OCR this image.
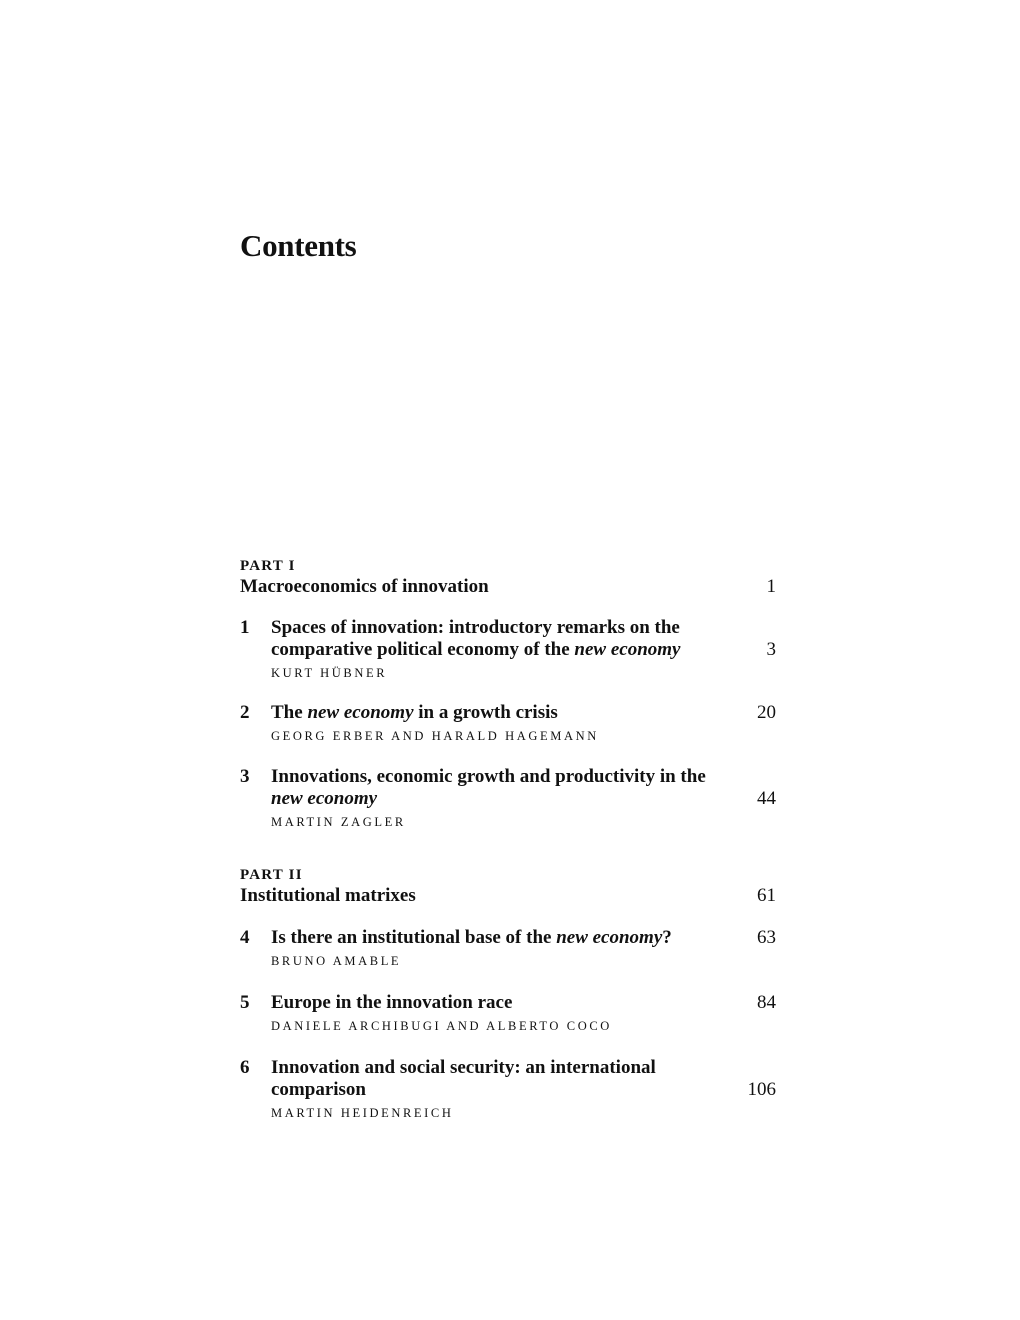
Contents
PART I
Macroeconomics of innovation	1
1	Spaces of innovation: introductory remarks on the
comparative political economy of the new economy	3
KURT HÜBNER
2	The new economy in a growth crisis	20
GEORG ERBER AND HARALD HAGEMANN
3	Innovations, economic growth and productivity in the
new economy	44
MARTIN ZAGLER
PART II
Institutional matrixes	61
4	Is there an institutional base of the new economy?	63
BRUNO AMABLE
5	Europe in the innovation race	84
DANIELE ARCHIBUGI AND ALBERTO COCO
6	Innovation and social security: an international
comparison	106
MARTIN HEIDENREICH
